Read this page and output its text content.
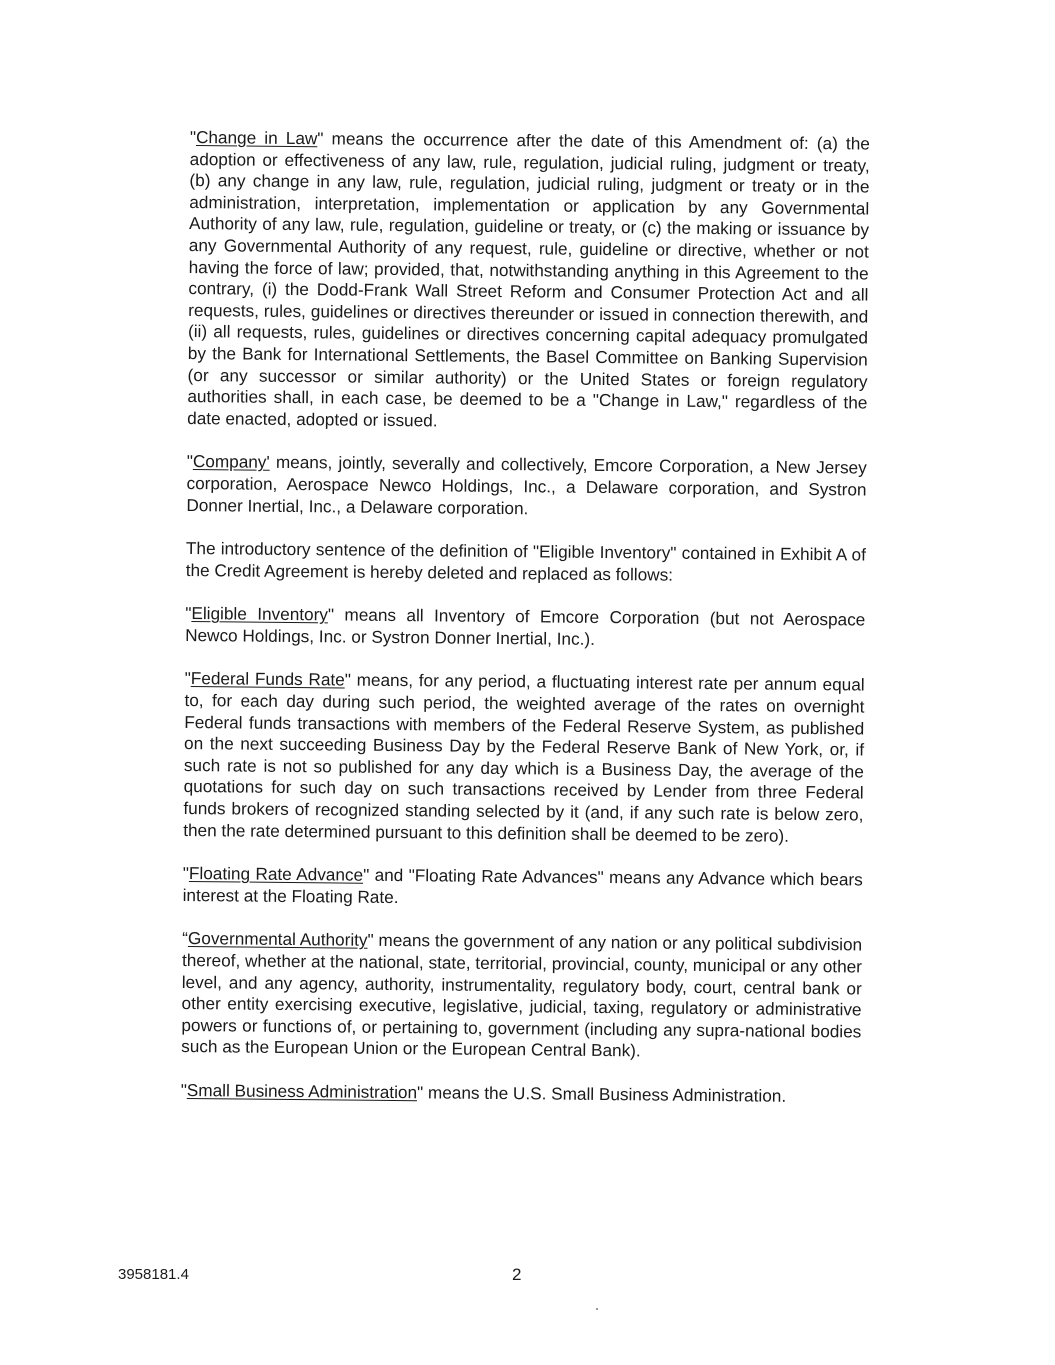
"Change in Law" means the occurrence after the date of this Amendment of: (a) the adoption or effectiveness of any law, rule, regulation, judicial ruling, judgment or treaty, (b) any change in any law, rule, regulation, judicial ruling, judgment or treaty or in the administration, interpretation, implementation or application by any Governmental Authority of any law, rule, regulation, guideline or treaty, or (c) the making or issuance by any Governmental Authority of any request, rule, guideline or directive, whether or not having the force of law; provided, that, notwithstanding anything in this Agreement to the contrary, (i) the Dodd-Frank Wall Street Reform and Consumer Protection Act and all requests, rules, guidelines or directives thereunder or issued in connection therewith, and (ii) all requests, rules, guidelines or directives concerning capital adequacy promulgated by the Bank for International Settlements, the Basel Committee on Banking Supervision (or any successor or similar authority) or the United States or foreign regulatory authorities shall, in each case, be deemed to be a "Change in Law," regardless of the date enacted, adopted or issued.

"Company' means, jointly, severally and collectively, Emcore Corporation, a New Jersey corporation, Aerospace Newco Holdings, Inc., a Delaware corporation, and Systron Donner Inertial, Inc., a Delaware corporation.

The introductory sentence of the definition of "Eligible Inventory" contained in Exhibit A of the Credit Agreement is hereby deleted and replaced as follows:

"Eligible Inventory" means all Inventory of Emcore Corporation (but not Aerospace Newco Holdings, Inc. or Systron Donner Inertial, Inc.).

"Federal Funds Rate" means, for any period, a fluctuating interest rate per annum equal to, for each day during such period, the weighted average of the rates on overnight Federal funds transactions with members of the Federal Reserve System, as published on the next succeeding Business Day by the Federal Reserve Bank of New York, or, if such rate is not so published for any day which is a Business Day, the average of the quotations for such day on such transactions received by Lender from three Federal funds brokers of recognized standing selected by it (and, if any such rate is below zero, then the rate determined pursuant to this definition shall be deemed to be zero).

"Floating Rate Advance" and "Floating Rate Advances" means any Advance which bears interest at the Floating Rate.

“Governmental Authority" means the government of any nation or any political subdivision thereof, whether at the national, state, territorial, provincial, county, municipal or any other level, and any agency, authority, instrumentality, regulatory body, court, central bank or other entity exercising executive, legislative, judicial, taxing, regulatory or administrative powers or functions of, or pertaining to, government (including any supra-national bodies such as the European Union or the European Central Bank).

"Small Business Administration" means the U.S. Small Business Administration.

3958181.4	2
